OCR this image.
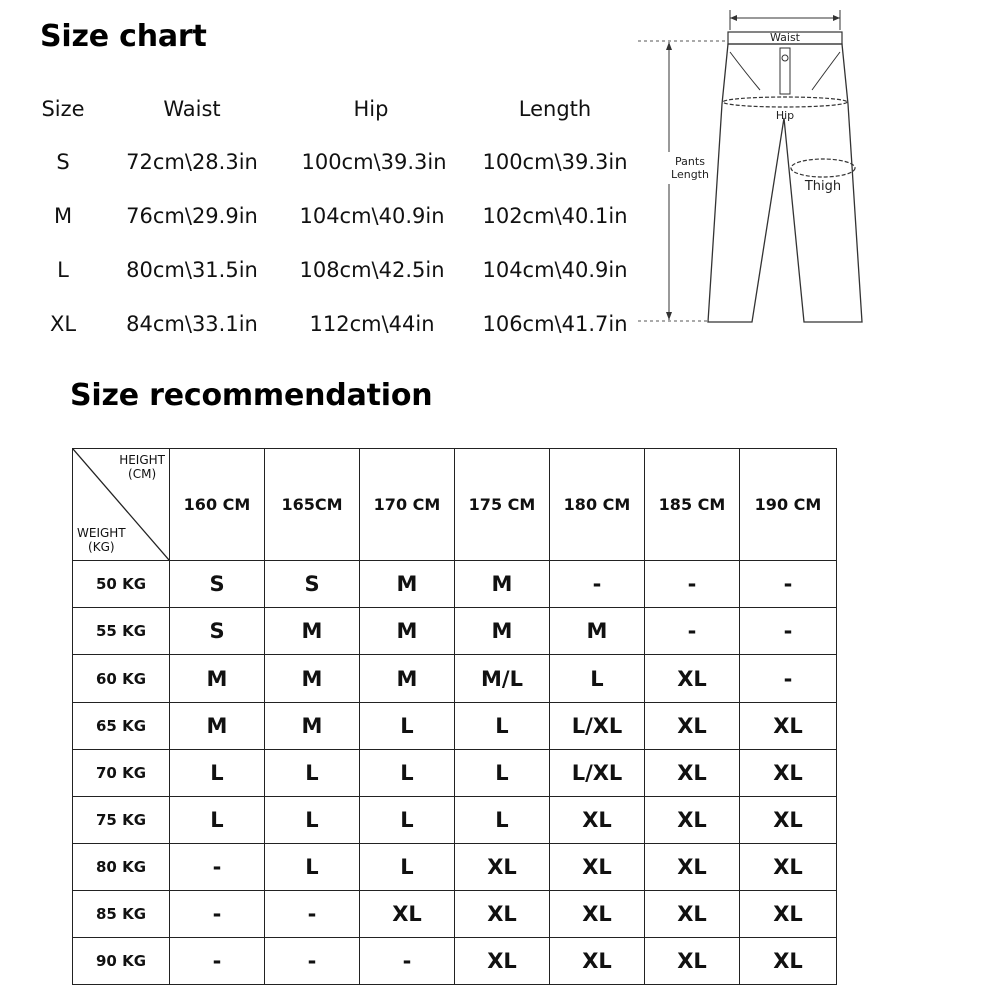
Size chart
Size	Waist	Hip	Length
S	72cm\28.3in 100cm\39.3in 100cm\39.3in
M	76cm\29.9in 104cm\40.9in 102cm\40.1in
L	80cm\31.5in 108cm\42.5in 104cm\40.9in
XL 84cm\33.1in 112cm\44in 106cm\41.7in
Waist
Hip
Thigh
Pants
Length
Size recommendation
HEIGHT
(CM)
WEIGHT
(KG)	160 CM	165CM	170 CM	175 CM	180 CM	185 CM	190 CM
50 KG	S	S	M	M	-	-	-
55 KG	S	M	M	M	M	-	-
60 KG	M	M	M	M/L	L	XL	-
65 KG	M	M	L	L	L/XL	XL	XL
70 KG	L	L	L	L	L/XL	XL	XL
75 KG	L	L	L	L	XL	XL	XL
80 KG	-	L	L	XL	XL	XL	XL
85 KG	-	-	XL	XL	XL	XL	XL
90 KG	-	-	-	XL	XL	XL	XL
